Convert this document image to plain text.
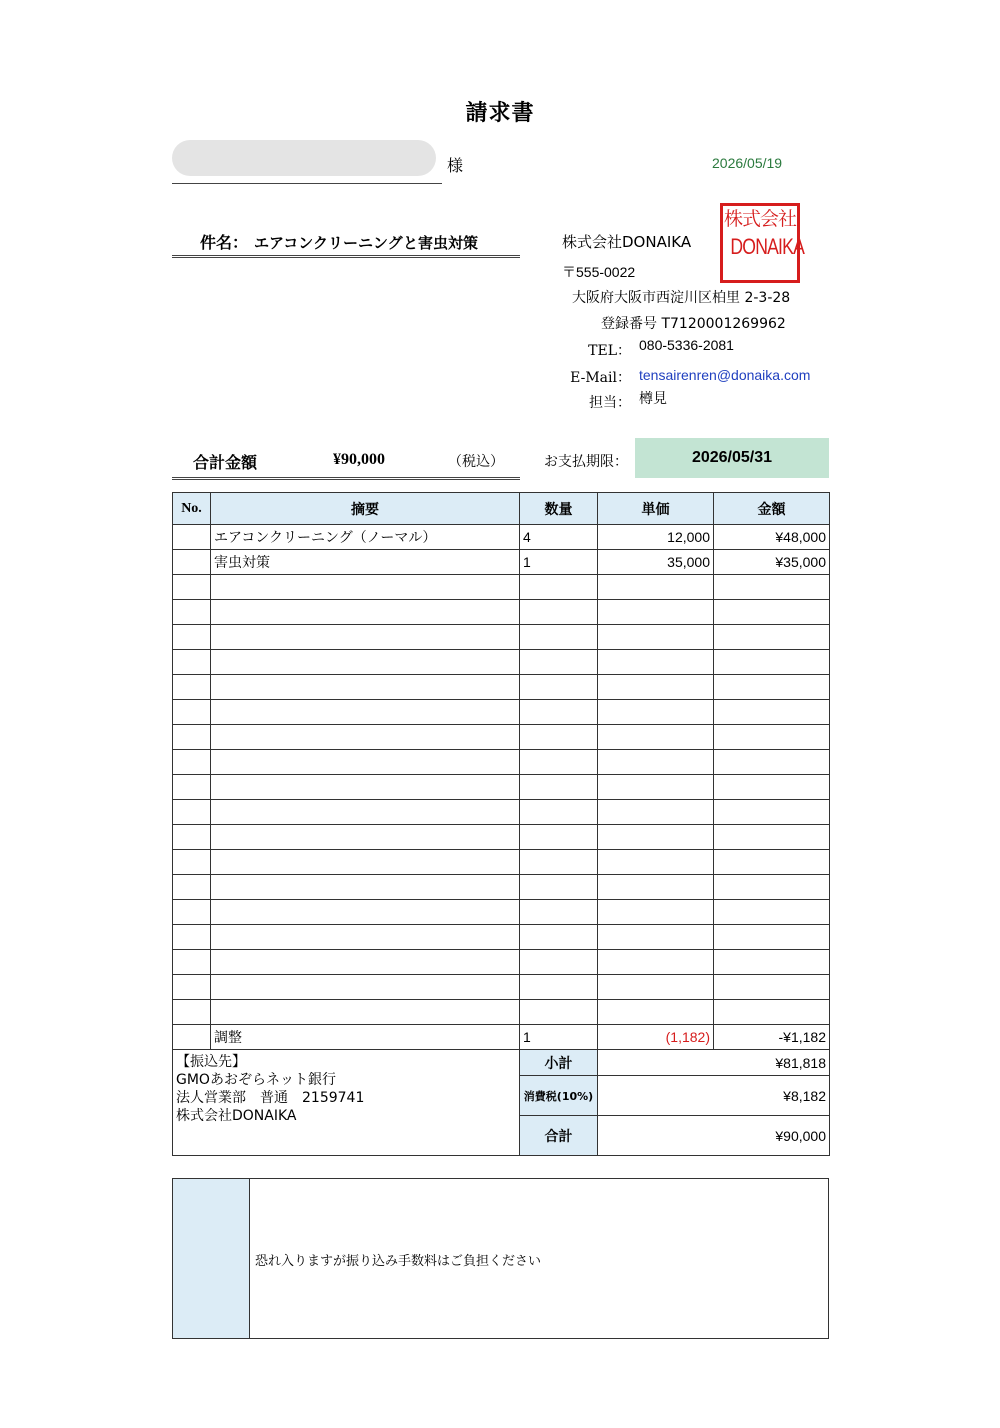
請求書
様	2026/05/19
件名： エアコンクリーニングと害虫対策	株式会社DONAIKA
株式会社
DONAIKA
〒555-0022
大阪府大阪市西淀川区柏里 2-3-28
登録番号 T7120001269962
TEL： 080-5336-2081
E-Mail： tensairenren@donaika.com
担当： 樽見
合計金額	¥90,000	（税込）	お支払期限：	2026/05/31
No.	摘要	数量	単価	金額
	エアコンクリーニング（ノーマル）	4	12,000	¥48,000
	害虫対策	1	35,000	¥35,000

	調整	1	(1,182)	-¥1,182

【振込先】
GMOあおぞらネット銀行
法人営業部　普通　2159741
株式会社DONAIKA		小計	¥81,818	
		消費税(10%)	¥8,182	
		合計	¥90,000	
恐れ入りますが振り込み手数料はご負担ください
